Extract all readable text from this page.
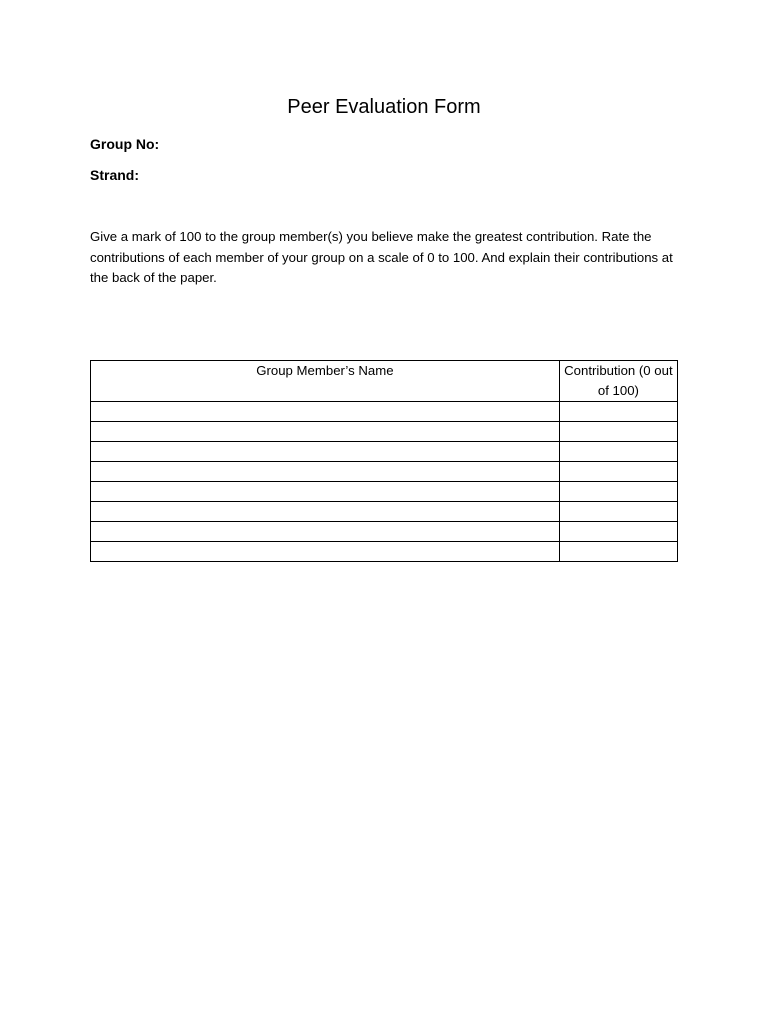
Peer Evaluation Form

Group No:

Strand:

Give a mark of 100 to the group member(s) you believe make the greatest contribution. Rate the contributions of each member of your group on a scale of 0 to 100. And explain their contributions at the back of the paper.

Group Member’s Name	Contribution (0 out of 100)
